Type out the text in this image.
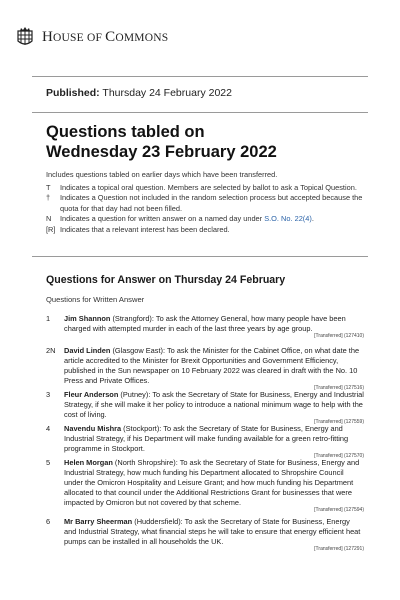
HOUSE OF COMMONS
Published: Thursday 24 February 2022
Questions tabled on
Wednesday 23 February 2022
Includes questions tabled on earlier days which have been transferred.
T	Indicates a topical oral question. Members are selected by ballot to ask a Topical Question.
†	Indicates a Question not included in the random selection process but accepted because the quota for that day had not been filled.
N	Indicates a question for written answer on a named day under S.O. No. 22(4).
[R] Indicates that a relevant interest has been declared.
Questions for Answer on Thursday 24 February
Questions for Written Answer
1	Jim Shannon (Strangford): To ask the Attorney General, how many people have been charged with attempted murder in each of the last three years by age group.
[Transferred] (127410)
2N	David Linden (Glasgow East): To ask the Minister for the Cabinet Office, on what date the article accredited to the Minister for Brexit Opportunities and Government Efficiency, published in the Sun newspaper on 10 February 2022 was cleared in draft with the No. 10 Press and Private Offices.
[Transferred] (127516)
3	Fleur Anderson (Putney): To ask the Secretary of State for Business, Energy and Industrial Strategy, if she will make it her policy to introduce a national minimum wage to help with the cost of living.
[Transferred] (127559)
4	Navendu Mishra (Stockport): To ask the Secretary of State for Business, Energy and Industrial Strategy, if his Department will make funding available for a green retro-fitting programme in Stockport.
[Transferred] (127570)
5	Helen Morgan (North Shropshire): To ask the Secretary of State for Business, Energy and Industrial Strategy, how much funding his Department allocated to Shropshire Council under the Omicron Hospitality and Leisure Grant; and how much funding his Department allocated to that council under the Additional Restrictions Grant for businesses that were impacted by Omicron but not covered by that scheme.
[Transferred] (127594)
6	Mr Barry Sheerman (Huddersfield): To ask the Secretary of State for Business, Energy and Industrial Strategy, what financial steps he will take to ensure that energy efficient heat pumps can be installed in all households the UK.
[Transferred] (127291)
